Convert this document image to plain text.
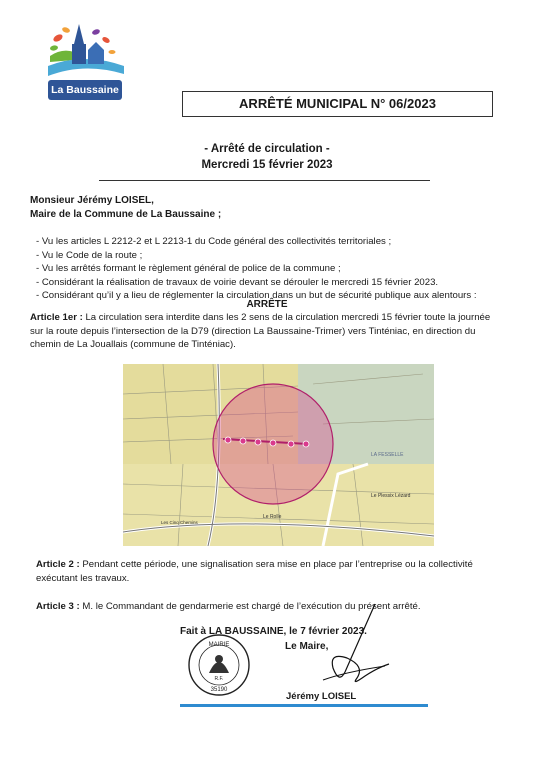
La Baussaine
ARRÊTÉ MUNICIPAL N° 06/2023
- Arrêté de circulation -
Mercredi 15 février 2023
Monsieur Jérémy LOISEL,
Maire de la Commune de La Baussaine ;
- Vu les articles L 2212-2 et L 2213-1 du Code général des collectivités territoriales ;
- Vu le Code de la route ;
- Vu les arrêtés formant le règlement général de police de la commune ;
- Considérant la réalisation de travaux de voirie devant se dérouler le mercredi 15 février 2023.
- Considérant qu’il y a lieu de réglementer la circulation dans un but de sécurité publique aux alentours :
ARRÊTE
Article 1er : La circulation sera interdite dans les 2 sens de la circulation mercredi 15 février toute la journée sur la route depuis l’intersection de la D79 (direction La Baussaine-Trimer) vers Tinténiac, en direction du chemin de La Jouallais (commune de Tinténiac).
LA FESSELLE
Le Plessix Lézard
Le Rolle
Les Cinq Chemins
Article 2 : Pendant cette période, une signalisation sera mise en place par l’entreprise ou la collectivité exécutant les travaux.
Article 3 : M. le Commandant de gendarmerie est chargé de l’exécution du présent arrêté.
Fait à LA BAUSSAINE, le 7 février 2023.
Le Maire,
MAIRIE
R.F.
35190
Jérémy LOISEL
